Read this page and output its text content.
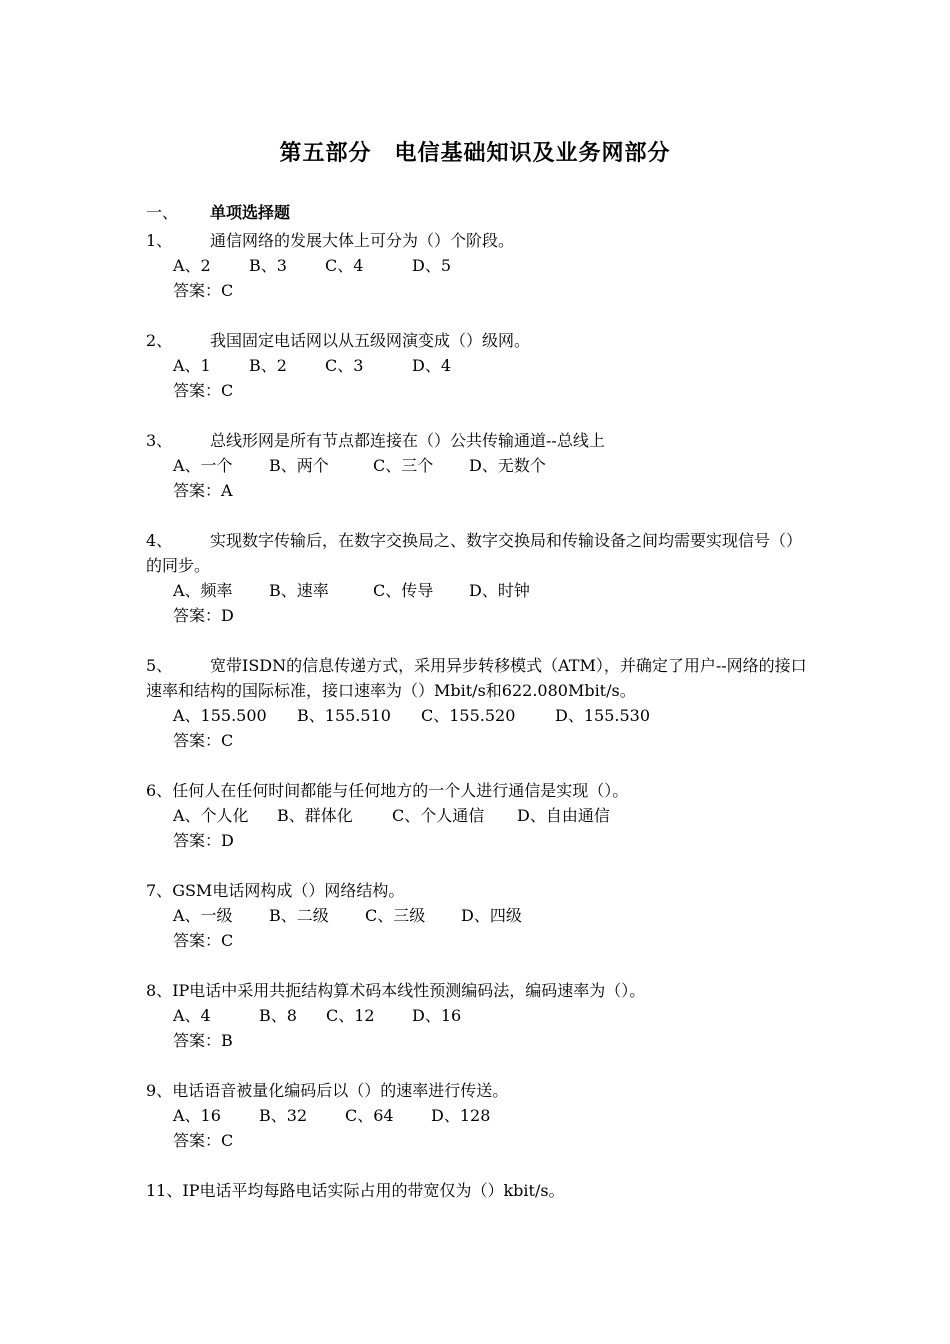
第五部分　电信基础知识及业务网部分
一、 单项选择题
1、 通信网络的发展大体上可分为（）个阶段。
A、2 B、3 C、4	D、5
答案：C
2、 我国固定电话网以从五级网演变成（）级网。
A、1 B、2 C、3	D、4
答案：C
3、 总线形网是所有节点都连接在（）公共传输通道--总线上
A、一个 B、两个	C、三个 D、无数个
答案：A
4、 实现数字传输后，在数字交换局之、数字交换局和传输设备之间均需要实现信号（）的同步。
A、频率 B、速率	C、传导 D、时钟
答案：D
5、 宽带ISDN的信息传递方式，采用异步转移模式（ATM），并确定了用户--网络的接口速率和结构的国际标准，接口速率为（）Mbit/s和622.080Mbit/s。
A、155.500 B、155.510 C、155.520 D、155.530
答案：C
6、任何人在任何时间都能与任何地方的一个人进行通信是实现（）。
A、个人化 B、群体化 C、个人通信 D、自由通信
答案：D
7、GSM电话网构成（）网络结构。
A、一级 B、二级 C、三级 D、四级
答案：C
8、IP电话中采用共扼结构算术码本线性预测编码法，编码速率为（）。
A、4	B、8 C、12 D、16
答案：B
9、电话语音被量化编码后以（）的速率进行传送。
A、16 B、32 C、64 D、128
答案：C
11、IP电话平均每路电话实际占用的带宽仅为（）kbit/s。
